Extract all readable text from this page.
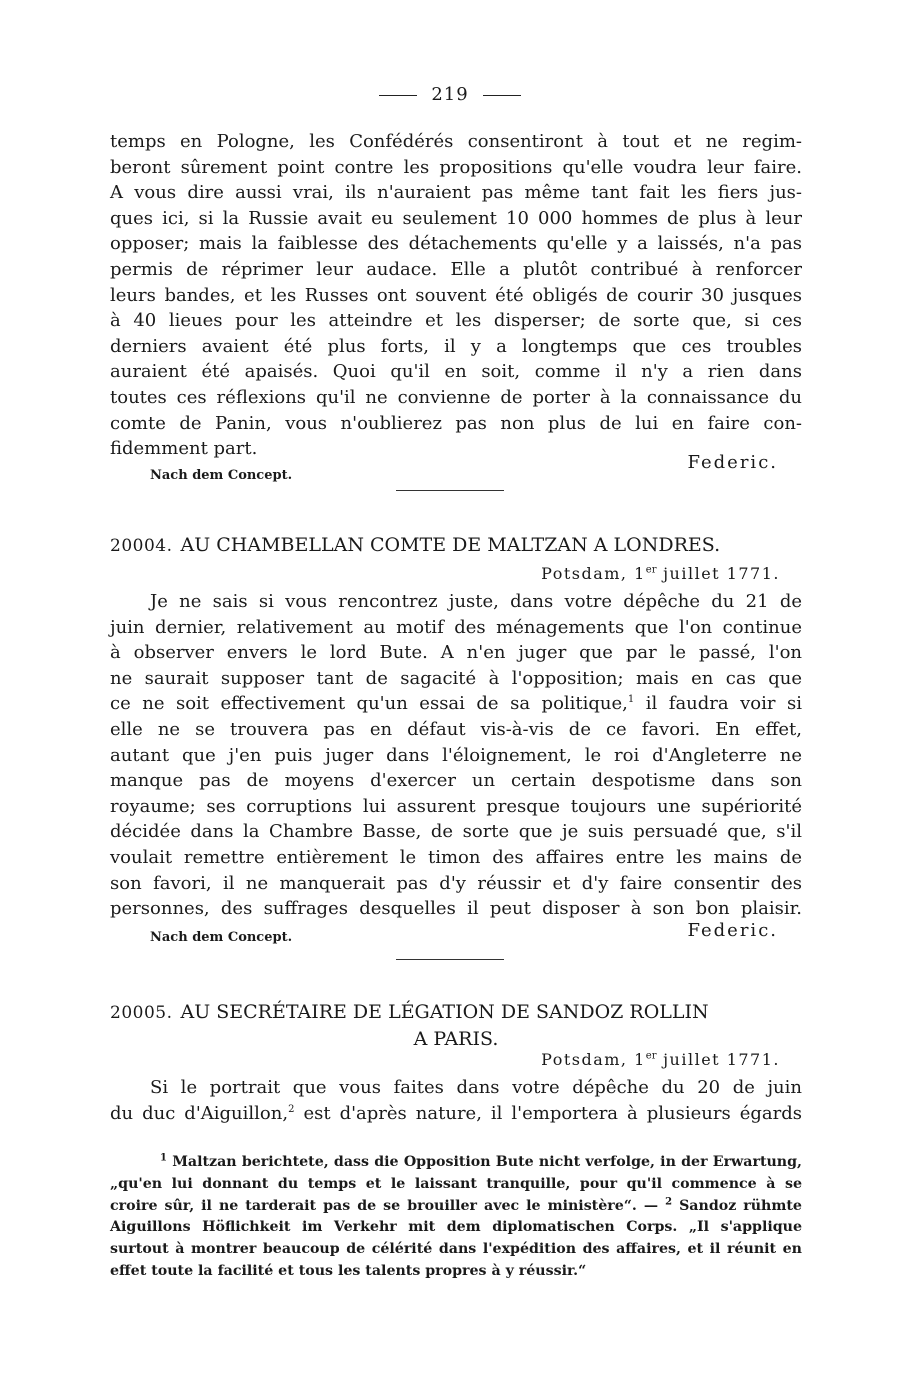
219
temps en Pologne, les Confédérés consentiront à tout et ne regim-
beront sûrement point contre les propositions qu'elle voudra leur faire.
A vous dire aussi vrai, ils n'auraient pas même tant fait les fiers jus-
ques ici, si la Russie avait eu seulement 10 000 hommes de plus à leur
opposer; mais la faiblesse des détachements qu'elle y a laissés, n'a pas
permis de réprimer leur audace. Elle a plutôt contribué à renforcer
leurs bandes, et les Russes ont souvent été obligés de courir 30 jusques
à 40 lieues pour les atteindre et les disperser; de sorte que, si ces
derniers avaient été plus forts, il y a longtemps que ces troubles
auraient été apaisés. Quoi qu'il en soit, comme il n'y a rien dans
toutes ces réflexions qu'il ne convienne de porter à la connaissance du
comte de Panin, vous n'oublierez pas non plus de lui en faire con-
fidemment part.
Nach dem Concept.
Federic.
20004. AU CHAMBELLAN COMTE DE MALTZAN A LONDRES.
Potsdam, 1er juillet 1771.
Je ne sais si vous rencontrez juste, dans votre dépêche du 21 de
juin dernier, relativement au motif des ménagements que l'on continue
à observer envers le lord Bute. A n'en juger que par le passé, l'on
ne saurait supposer tant de sagacité à l'opposition; mais en cas que
ce ne soit effectivement qu'un essai de sa politique,$^1$ il faudra voir si
elle ne se trouvera pas en défaut vis-à-vis de ce favori. En effet,
autant que j'en puis juger dans l'éloignement, le roi d'Angleterre ne
manque pas de moyens d'exercer un certain despotisme dans son
royaume; ses corruptions lui assurent presque toujours une supériorité
décidée dans la Chambre Basse, de sorte que je suis persuadé que, s'il
voulait remettre entièrement le timon des affaires entre les mains de
son favori, il ne manquerait pas d'y réussir et d'y faire consentir des
personnes, des suffrages desquelles il peut disposer à son bon plaisir.
Nach dem Concept.	Federic.
20005. AU SECRÉTAIRE DE LÉGATION DE SANDOZ ROLLIN
A PARIS.
Potsdam, 1er juillet 1771.
Si le portrait que vous faites dans votre dépêche du 20 de juin
du duc d'Aiguillon,$^2$ est d'après nature, il l'emportera à plusieurs égards
$^1$ Maltzan berichtete, dass die Opposition Bute nicht verfolge, in der Erwartung,
„qu'en lui donnant du temps et le laissant tranquille, pour qu'il commence à se
croire sûr, il ne tarderait pas de se brouiller avec le ministère“. — $^2$ Sandoz rühmte
Aiguillons Höflichkeit im Verkehr mit dem diplomatischen Corps. „Il s'applique
surtout à montrer beaucoup de célérité dans l'expédition des affaires, et il réunit en
effet toute la facilité et tous les talents propres à y réussir.“
